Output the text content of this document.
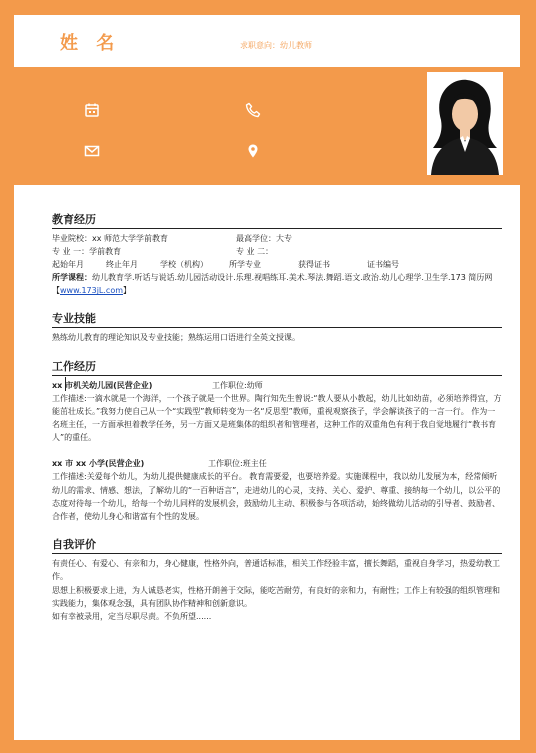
姓 名	求职意向：幼儿教师
教育经历
毕业院校：xx 师范大学学前教育	最高学位：大专
专 业 一：学前教育	专 业 二：
起始年月	终止年月	学校（机构）	所学专业	获得证书	证书编号
所学课程：幼儿教育学.听话与说话.幼儿园活动设计.乐理.视唱练耳.美术.琴法.舞蹈.语文.政治.幼儿心理学.卫生学.173 简历网【www.173jL.com】
专业技能
熟练幼儿教育的理论知识及专业技能；熟练运用口语进行全英文授课。
工作经历
xx 市机关幼儿园(民营企业)	工作职位:幼师
工作描述:一滴水就是一个海洋，一个孩子就是一个世界。陶行知先生曾说:“教人要从小教起，幼儿比如幼苗，必须培养得宜，方能茁壮成长。”我努力使自己从一个“实践型”教师转变为一名“反思型”教师，重视观察孩子，学会解读孩子的一言一行。 作为一名班主任，一方面承担着教学任务，另一方面又是班集体的组织者和管理者，这种工作的双重角色有利于我自觉地履行“教书育人”的重任。
xx 市 xx 小学(民营企业)	工作职位:班主任
工作描述:关爱每个幼儿，为幼儿提供健康成长的平台。 教育需要爱，也要培养爱。实施课程中，我以幼儿发展为本，经常倾听幼儿的需求、情感、想法，了解幼儿的“一百种语言”，走进幼儿的心灵，支持、关心、爱护、尊重、接纳每一个幼儿，以公平的态度对待每一个幼儿，给每一个幼儿同样的发展机会，鼓励幼儿主动、积极参与各项活动，始终做幼儿活动的引导者、鼓励者、合作者，使幼儿身心和谐富有个性的发展。
自我评价
有责任心、有爱心、有亲和力，身心健康，性格外向，普通话标准，相关工作经验丰富，擅长舞蹈，重视自身学习，热爱幼教工作。
思想上积极要求上进，为人诚恳老实，性格开朗善于交际，能吃苦耐劳，有良好的亲和力，有耐性；工作上有较强的组织管理和实践能力，集体观念强，具有团队协作精神和创新意识。
如有幸被录用，定当尽职尽责。不负所望......
